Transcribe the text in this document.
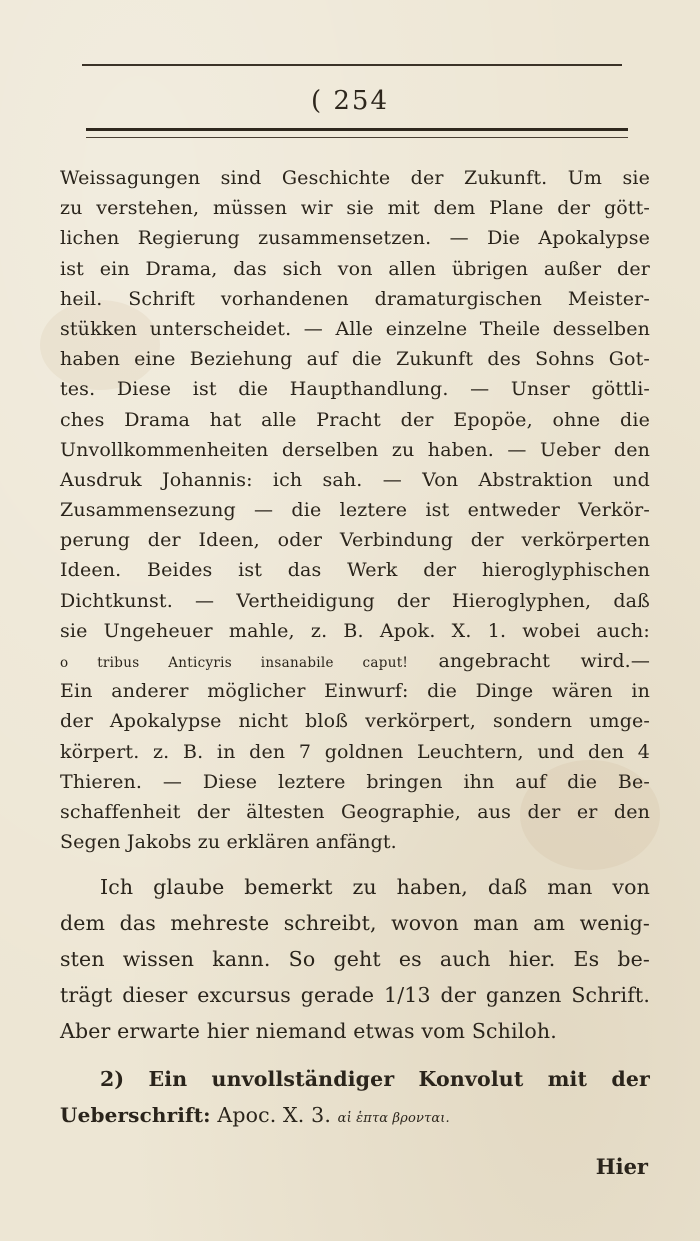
( 254
Weissagungen sind Geschichte der Zukunft. Um sie
zu verstehen, müssen wir sie mit dem Plane der gött-
lichen Regierung zusammensetzen. — Die Apokalypse
ist ein Drama, das sich von allen übrigen außer der
heil. Schrift vorhandenen dramaturgischen Meister-
stükken unterscheidet. — Alle einzelne Theile desselben
haben eine Beziehung auf die Zukunft des Sohns Got-
tes. Diese ist die Haupthandlung. — Unser göttli-
ches Drama hat alle Pracht der Epopöe, ohne die
Unvollkommenheiten derselben zu haben. — Ueber den
Ausdruk Johannis: ich sah. — Von Abstraktion und
Zusammensezung — die leztere ist entweder Verkör-
perung der Ideen, oder Verbindung der verkörperten
Ideen. Beides ist das Werk der hieroglyphischen
Dichtkunst. — Vertheidigung der Hieroglyphen, daß
sie Ungeheuer mahle, z. B. Apok. X. 1. wobei auch:
o tribus Anticyris insanabile caput! angebracht wird.—
Ein anderer möglicher Einwurf: die Dinge wären in
der Apokalypse nicht bloß verkörpert, sondern umge-
körpert. z. B. in den 7 goldnen Leuchtern, und den 4
Thieren. — Diese leztere bringen ihn auf die Be-
schaffenheit der ältesten Geographie, aus der er den
Segen Jakobs zu erklären anfängt.
Ich glaube bemerkt zu haben, daß man von
dem das mehreste schreibt, wovon man am wenig-
sten wissen kann. So geht es auch hier. Es be-
trägt dieser excursus gerade 1/13 der ganzen Schrift.
Aber erwarte hier niemand etwas vom Schiloh.
2) Ein unvollständiger Konvolut mit der
Ueberschrift: Apoc. X. 3. αἱ ἑπτα βρονται.
Hier
